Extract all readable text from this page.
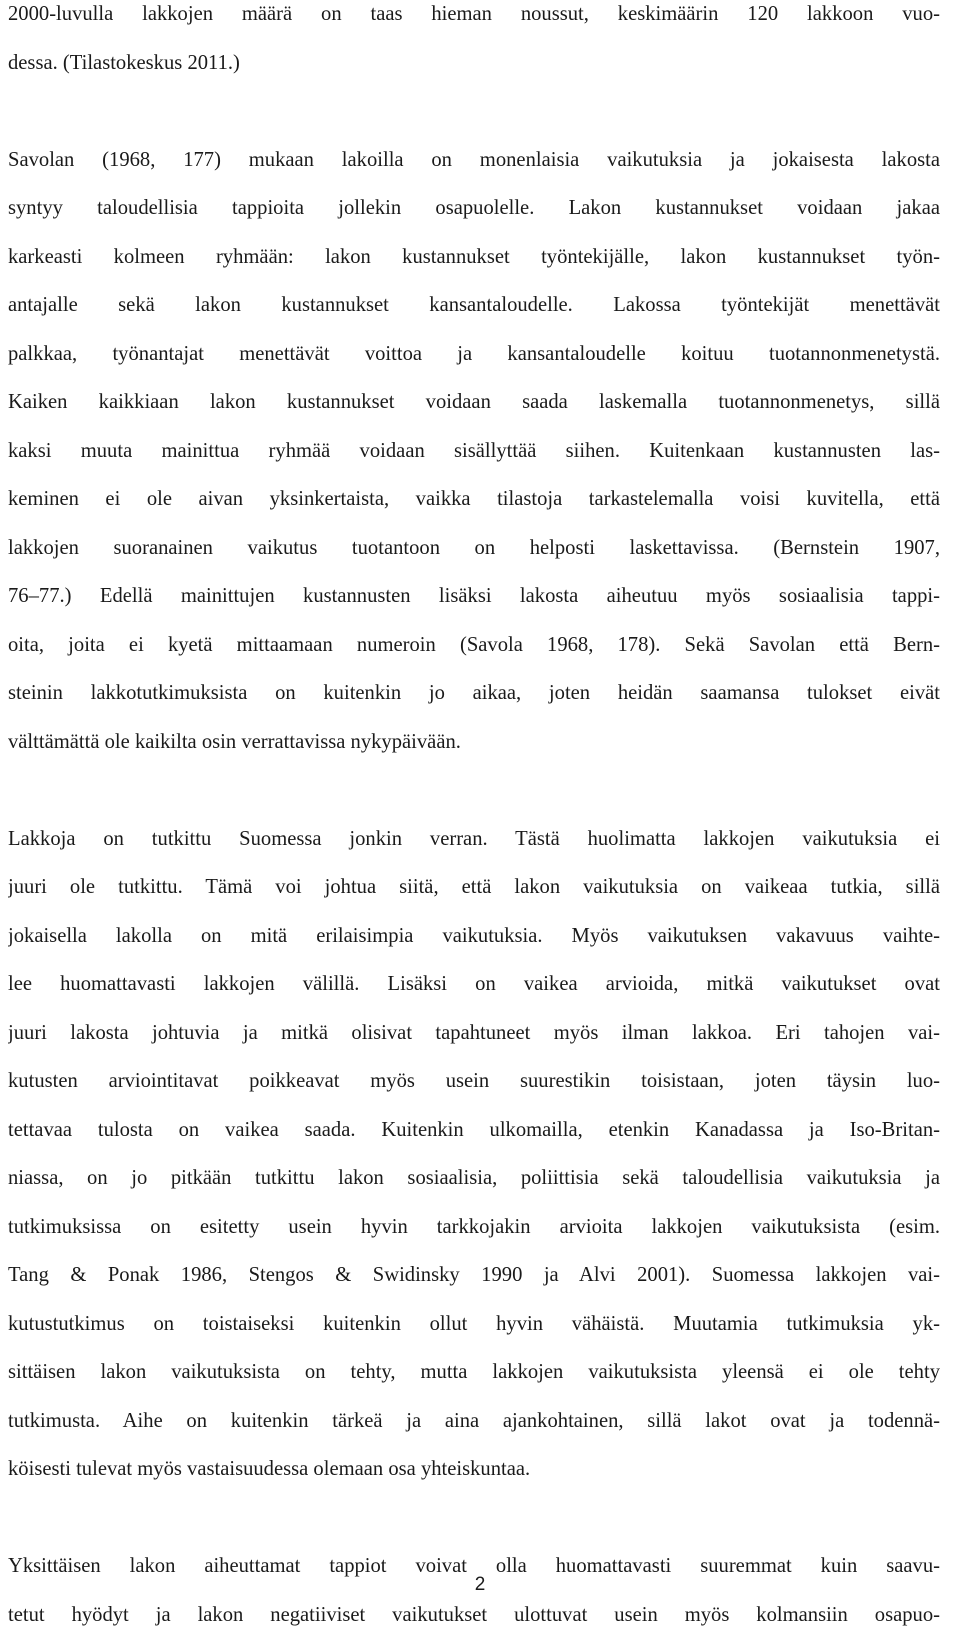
2000-luvulla lakkojen määrä on taas hieman noussut, keskimäärin 120 lakkoon vuo-
dessa. (Tilastokeskus 2011.)
Savolan (1968, 177) mukaan lakoilla on monenlaisia vaikutuksia ja jokaisesta lakosta
syntyy taloudellisia tappioita jollekin osapuolelle. Lakon kustannukset voidaan jakaa
karkeasti kolmeen ryhmään: lakon kustannukset työntekijälle, lakon kustannukset työn-
antajalle sekä lakon kustannukset kansantaloudelle. Lakossa työntekijät menettävät
palkkaa, työnantajat menettävät voittoa ja kansantaloudelle koituu tuotannonmenetystä.
Kaiken kaikkiaan lakon kustannukset voidaan saada laskemalla tuotannonmenetys, sillä
kaksi muuta mainittua ryhmää voidaan sisällyttää siihen. Kuitenkaan kustannusten las-
keminen ei ole aivan yksinkertaista, vaikka tilastoja tarkastelemalla voisi kuvitella, että
lakkojen suoranainen vaikutus tuotantoon on helposti laskettavissa. (Bernstein 1907,
76–77.) Edellä mainittujen kustannusten lisäksi lakosta aiheutuu myös sosiaalisia tappi-
oita, joita ei kyetä mittaamaan numeroin (Savola 1968, 178). Sekä Savolan että Bern-
steinin lakkotutkimuksista on kuitenkin jo aikaa, joten heidän saamansa tulokset eivät
välttämättä ole kaikilta osin verrattavissa nykypäivään.
Lakkoja on tutkittu Suomessa jonkin verran. Tästä huolimatta lakkojen vaikutuksia ei
juuri ole tutkittu. Tämä voi johtua siitä, että lakon vaikutuksia on vaikeaa tutkia, sillä
jokaisella lakolla on mitä erilaisimpia vaikutuksia. Myös vaikutuksen vakavuus vaihte-
lee huomattavasti lakkojen välillä. Lisäksi on vaikea arvioida, mitkä vaikutukset ovat
juuri lakosta johtuvia ja mitkä olisivat tapahtuneet myös ilman lakkoa. Eri tahojen vai-
kutusten arviointitavat poikkeavat myös usein suurestikin toisistaan, joten täysin luo-
tettavaa tulosta on vaikea saada. Kuitenkin ulkomailla, etenkin Kanadassa ja Iso-Britan-
niassa, on jo pitkään tutkittu lakon sosiaalisia, poliittisia sekä taloudellisia vaikutuksia ja
tutkimuksissa on esitetty usein hyvin tarkkojakin arvioita lakkojen vaikutuksista (esim.
Tang & Ponak 1986, Stengos & Swidinsky 1990 ja Alvi 2001). Suomessa lakkojen vai-
kutustutkimus on toistaiseksi kuitenkin ollut hyvin vähäistä. Muutamia tutkimuksia yk-
sittäisen lakon vaikutuksista on tehty, mutta lakkojen vaikutuksista yleensä ei ole tehty
tutkimusta. Aihe on kuitenkin tärkeä ja aina ajankohtainen, sillä lakot ovat ja todennä-
köisesti tulevat myös vastaisuudessa olemaan osa yhteiskuntaa.
Yksittäisen lakon aiheuttamat tappiot voivat olla huomattavasti suuremmat kuin saavu-
tetut hyödyt ja lakon negatiiviset vaikutukset ulottuvat usein myös kolmansiin osapuo-
2
